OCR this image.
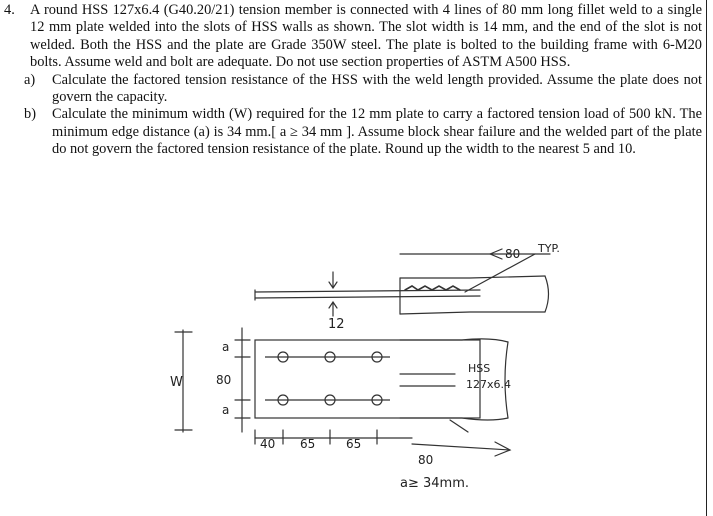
4.	A round HSS 127x6.4 (G40.20/21) tension member is connected with 4 lines of 80 mm long fillet weld to a single 12 mm plate welded into the slots of HSS walls as shown. The slot width is 14 mm, and the end of the slot is not welded. Both the HSS and the plate are Grade 350W steel. The plate is bolted to the building frame with 6-M20 bolts. Assume weld and bolt are adequate. Do not use section properties of ASTM A500 HSS.
a)	Calculate the factored tension resistance of the HSS with the weld length provided. Assume the plate does not govern the capacity.
b)	Calculate the minimum width (W) required for the 12 mm plate to carry a factored tension load of 500 kN. The minimum edge distance (a) is 34 mm.[ a ≥ 34 mm ]. Assume block shear failure and the welded part of the plate do not govern the factored tension resistance of the plate. Round up the width to the nearest 5 and 10.
80 TYP.
12
W
a
80
a
40 65	65
80
HSS
127x6.4
a≥ 34mm.
